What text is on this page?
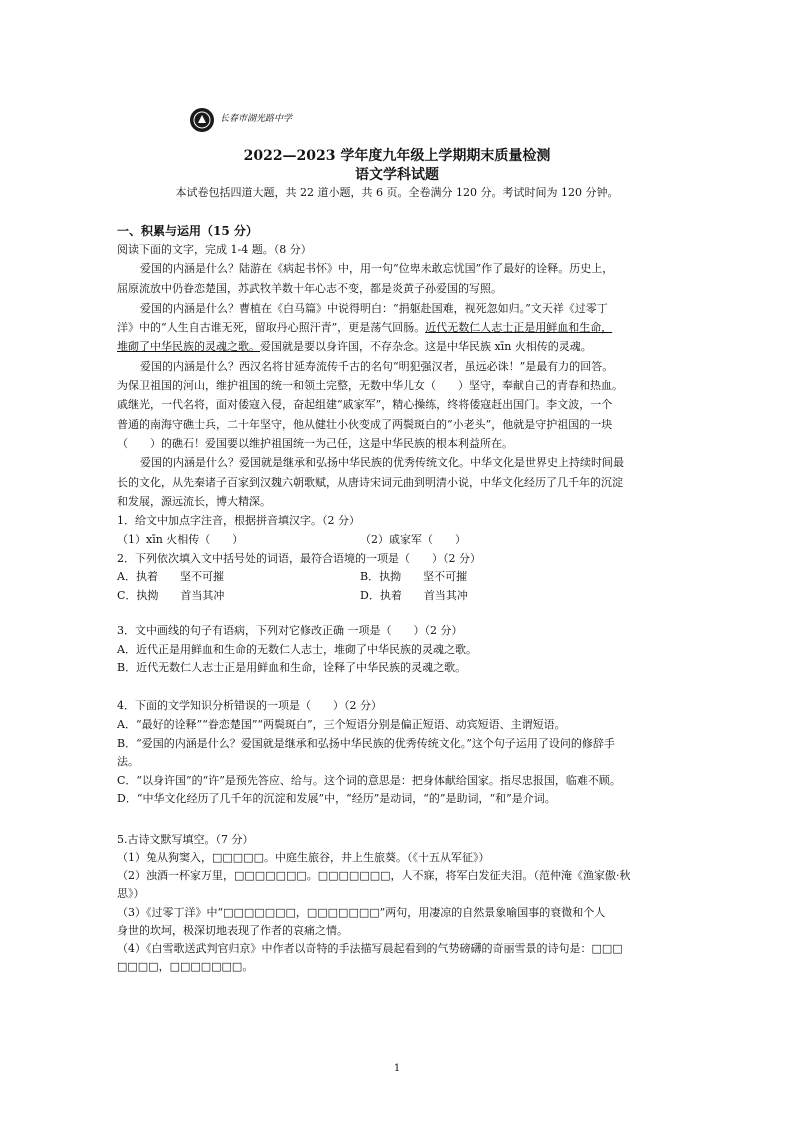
长春市湖光路中学
2022—2023 学年度九年级上学期期末质量检测
语文学科试题
本试卷包括四道大题，共 22 道小题，共 6 页。全卷满分 120 分。考试时间为 120 分钟。
一、积累与运用（15 分）
阅读下面的文字，完成 1-4 题。（8 分）
爱国的内涵是什么？陆游在《病起书怀》中，用一句“位卑未敢忘忧国”作了最好的诠释。历史上，
屈原流放中仍眷恋楚国，苏武牧羊数十年心志不变，都是炎黄子孙爱国的写照。
爱国的内涵是什么？曹植在《白马篇》中说得明白：“捐躯赴国难，视死忽如归。”文天祥《过零丁
洋》中的“人生自古谁无死，留取丹心照汗青”，更是荡气回肠。近代无数仁人志士正是用鲜血和生命，
堆砌了中华民族的灵魂之歌。爱国就是要以身许国，不存杂念。这是中华民族 xīn 火相传的灵魂。
爱国的内涵是什么？西汉名将甘延寿流传千古的名句“明犯强汉者，虽远必诛！”是最有力的回答。
为保卫祖国的河山，维护祖国的统一和领土完整，无数中华儿女（　　）坚守，奉献自己的青春和热血。
戚继光，一代名将，面对倭寇入侵，奋起组建“戚家军”，精心操练，终将倭寇赶出国门。李文波，一个
普通的南海守礁士兵，二十年坚守，他从健壮小伙变成了两鬓斑白的“小老头”，他就是守护祖国的一块
（　　）的礁石！爱国要以维护祖国统一为己任，这是中华民族的根本利益所在。
爱国的内涵是什么？爱国就是继承和弘扬中华民族的优秀传统文化。中华文化是世界史上持续时间最
长的文化，从先秦诸子百家到汉魏六朝歌赋，从唐诗宋词元曲到明清小说，中华文化经历了几千年的沉淀
和发展，源远流长，博大精深。
1．给文中加点字注音，根据拼音填汉字。（2 分）
（1）xīn 火相传（　　）	（2）戚家军（　　）
2．下列依次填入文中括号处的词语，最符合语境的一项是（　　）（2 分）
A．执着　　坚不可摧	B．执拗　　坚不可摧
C．执拗　　首当其冲	D．执着　　首当其冲
3．文中画线的句子有语病，下列对它修改正确 一项是（　　）（2 分）
A．近代正是用鲜血和生命的无数仁人志士，堆砌了中华民族的灵魂之歌。
B．近代无数仁人志士正是用鲜血和生命，诠释了中华民族的灵魂之歌。
4．下面的文学知识分析错误的一项是（　　）（2 分）
A．“最好的诠释”“眷恋楚国”“两鬓斑白”，三个短语分别是偏正短语、动宾短语、主谓短语。
B．“爱国的内涵是什么？爱国就是继承和弘扬中华民族的优秀传统文化。”这个句子运用了设问的修辞手
法。
C．“以身许国”的“许”是预先答应、给与。这个词的意思是：把身体献给国家。指尽忠报国，临难不顾。
D．“中华文化经历了几千年的沉淀和发展”中，“经历”是动词，“的”是助词，“和”是介词。
5.古诗文默写填空。（7 分）
（1）兔从狗窦入，□□□□□。中庭生旅谷，井上生旅葵。（《十五从军征》）
（2）浊酒一杯家万里，□□□□□□□。□□□□□□□，人不寐，将军白发征夫泪。（范仲淹《渔家傲·秋
思》）
（3）《过零丁洋》中“□□□□□□□，□□□□□□□”两句，用凄凉的自然景象喻国事的衰微和个人
身世的坎坷，极深切地表现了作者的哀痛之情。
（4）《白雪歌送武判官归京》中作者以奇特的手法描写晨起看到的气势磅礴的奇丽雪景的诗句是：□□□
□□□□，□□□□□□□。
1
